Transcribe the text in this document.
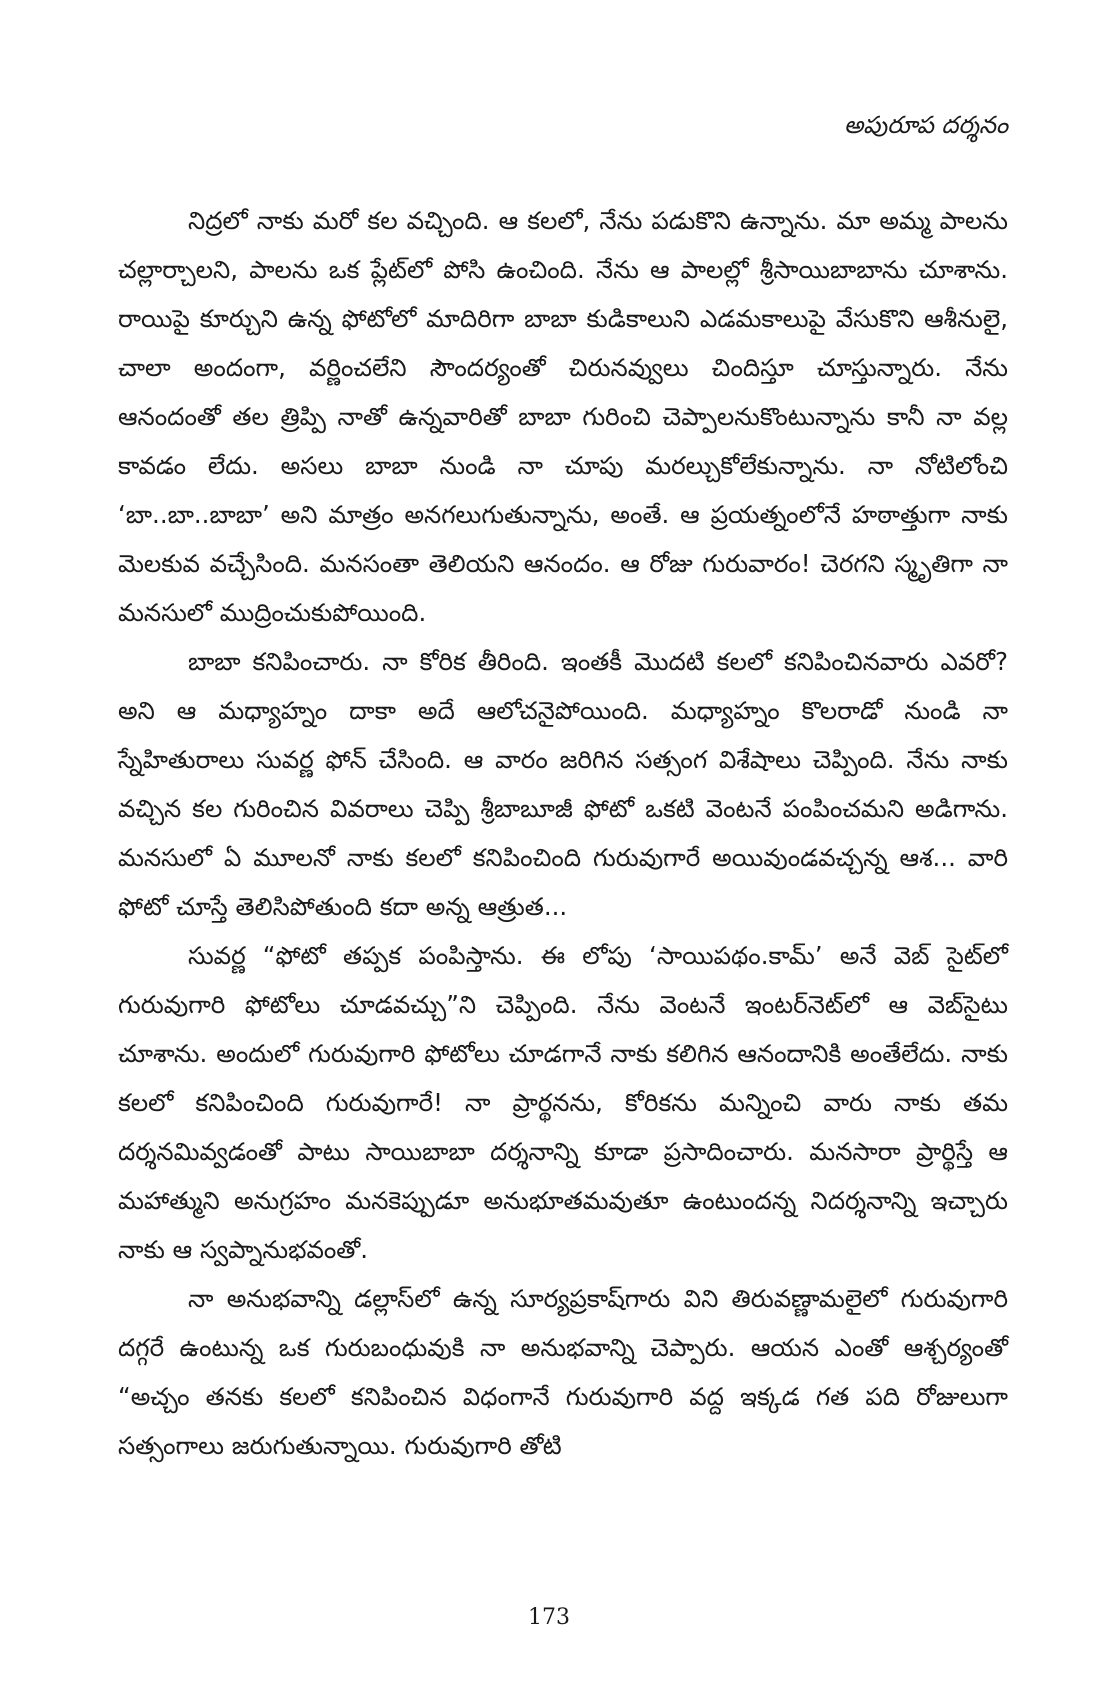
అపురూప దర్శనం

నిద్రలో నాకు మరో కల వచ్చింది. ఆ కలలో, నేను పడుకొని ఉన్నాను. మా అమ్మ పాలను చల్లార్చాలని, పాలను ఒక ప్లేట్‌లో పోసి ఉంచింది. నేను ఆ పాలల్లో శ్రీసాయిబాబాను చూశాను. రాయిపై కూర్చుని ఉన్న ఫోటోలో మాదిరిగా బాబా కుడికాలుని ఎడమకాలుపై వేసుకొని ఆశీనులై, చాలా అందంగా, వర్ణించలేని సౌందర్యంతో చిరునవ్వులు చిందిస్తూ చూస్తున్నారు. నేను ఆనందంతో తల త్రిప్పి నాతో ఉన్నవారితో బాబా గురించి చెప్పాలనుకొంటున్నాను కానీ నా వల్ల కావడం లేదు. అసలు బాబా నుండి నా చూపు మరల్చుకోలేకున్నాను. నా నోటిలోంచి ‘బా..బా..బాబా’ అని మాత్రం అనగలుగుతున్నాను, అంతే. ఆ ప్రయత్నంలోనే హఠాత్తుగా నాకు మెలకువ వచ్చేసింది. మనసంతా తెలియని ఆనందం. ఆ రోజు గురువారం! చెరగని స్మృతిగా నా మనసులో ముద్రించుకుపోయింది.

బాబా కనిపించారు. నా కోరిక తీరింది. ఇంతకీ మొదటి కలలో కనిపించినవారు ఎవరో? అని ఆ మధ్యాహ్నం దాకా అదే ఆలోచనైపోయింది. మధ్యాహ్నం కొలరాడో నుండి నా స్నేహితురాలు సువర్ణ ఫోన్ చేసింది. ఆ వారం జరిగిన సత్సంగ విశేషాలు చెప్పింది. నేను నాకు వచ్చిన కల గురించిన వివరాలు చెప్పి శ్రీబాబూజీ ఫోటో ఒకటి వెంటనే పంపించమని అడిగాను. మనసులో ఏ మూలనో నాకు కలలో కనిపించింది గురువుగారే అయివుండవచ్చన్న ఆశ... వారి ఫోటో చూస్తే తెలిసిపోతుంది కదా అన్న ఆత్రుత...

సువర్ణ “ఫోటో తప్పక పంపిస్తాను. ఈ లోపు ‘సాయిపథం.కామ్’ అనే వెబ్ సైట్‌లో గురువుగారి ఫోటోలు చూడవచ్చు”ని చెప్పింది. నేను వెంటనే ఇంటర్‌నెట్‌లో ఆ వెబ్‌సైటు చూశాను. అందులో గురువుగారి ఫోటోలు చూడగానే నాకు కలిగిన ఆనందానికి అంతేలేదు. నాకు కలలో కనిపించింది గురువుగారే! నా ప్రార్థనను, కోరికను మన్నించి వారు నాకు తమ దర్శనమివ్వడంతో పాటు సాయిబాబా దర్శనాన్ని కూడా ప్రసాదించారు. మనసారా ప్రార్థిస్తే ఆ మహాత్ముని అనుగ్రహం మనకెప్పుడూ అనుభూతమవుతూ ఉంటుందన్న నిదర్శనాన్ని ఇచ్చారు నాకు ఆ స్వప్నానుభవంతో.

నా అనుభవాన్ని డల్లాస్‌లో ఉన్న సూర్యప్రకాష్‌గారు విని తిరువణ్ణామలైలో గురువుగారి దగ్గరే ఉంటున్న ఒక గురుబంధువుకి నా అనుభవాన్ని చెప్పారు. ఆయన ఎంతో ఆశ్చర్యంతో “అచ్చం తనకు కలలో కనిపించిన విధంగానే గురువుగారి వద్ద ఇక్కడ గత పది రోజులుగా సత్సంగాలు జరుగుతున్నాయి. గురువుగారి తోటి

173
